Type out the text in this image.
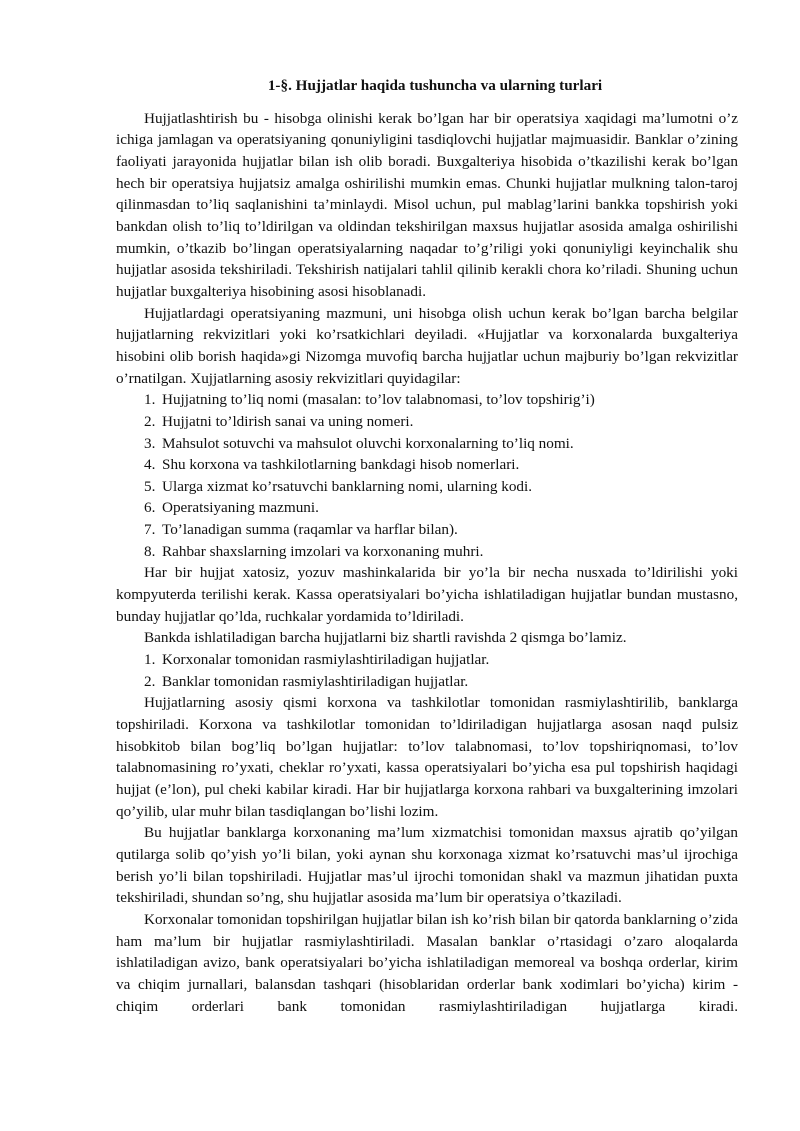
1-§. Hujjatlar haqida tushuncha va ularning turlari

Hujjatlashtirish bu - hisobga olinishi kerak bo’lgan har bir operatsiya xaqidagi ma’lumotni o’z ichiga jamlagan va operatsiyaning qonuniyligini tasdiqlovchi hujjatlar majmuasidir. Banklar o’zining faoliyati jarayonida hujjatlar bilan ish olib boradi. Buxgalteriya hisobida o’tkazilishi kerak bo’lgan hech bir operatsiya hujjatsiz amalga oshirilishi mumkin emas. Chunki hujjatlar mulkning talon-taroj qilinmasdan to’liq saqlanishini ta’minlaydi. Misol uchun, pul mablag’larini bankka topshirish yoki bankdan olish to’liq to’ldirilgan va oldindan tekshirilgan maxsus hujjatlar asosida amalga oshirilishi mumkin, o’tkazib bo’lingan operatsiyalarning naqadar to’g’riligi yoki qonuniyligi keyinchalik shu hujjatlar asosida tekshiriladi. Tekshirish natijalari tahlil qilinib kerakli chora ko’riladi. Shuning uchun hujjatlar buxgalteriya hisobining asosi hisoblanadi.

Hujjatlardagi operatsiyaning mazmuni, uni hisobga olish uchun kerak bo’lgan barcha belgilar hujjatlarning rekvizitlari yoki ko’rsatkichlari deyiladi. «Hujjatlar va korxonalarda buxgalteriya hisobini olib borish haqida»gi Nizomga muvofiq barcha hujjatlar uchun majburiy bo’lgan rekvizitlar o’rnatilgan. Xujjatlarning asosiy rekvizitlari quyidagilar:

1. Hujjatning to’liq nomi (masalan: to’lov talabnomasi, to’lov topshirig’i)
2. Hujjatni to’ldirish sanai va uning nomeri.
3. Mahsulot sotuvchi va mahsulot oluvchi korxonalarning to’liq nomi.
4. Shu korxona va tashkilotlarning bankdagi hisob nomerlari.
5. Ularga xizmat ko’rsatuvchi banklarning nomi, ularning kodi.
6. Operatsiyaning mazmuni.
7. To’lanadigan summa (raqamlar va harflar bilan).
8. Rahbar shaxslarning imzolari va korxonaning muhri.

Har bir hujjat xatosiz, yozuv mashinkalarida bir yo’la bir necha nusxada to’ldirilishi yoki kompyuterda terilishi kerak. Kassa operatsiyalari bo’yicha ishlatiladigan hujjatlar bundan mustasno, bunday hujjatlar qo’lda, ruchkalar yordamida to’ldiriladi.

Bankda ishlatiladigan barcha hujjatlarni biz shartli ravishda 2 qismga bo’lamiz.

1. Korxonalar tomonidan rasmiylashtiriladigan hujjatlar.
2. Banklar tomonidan rasmiylashtiriladigan hujjatlar.

Hujjatlarning asosiy qismi korxona va tashkilotlar tomonidan rasmiylashtirilib, banklarga topshiriladi. Korxona va tashkilotlar tomonidan to’ldiriladigan hujjatlarga asosan naqd pulsiz hisobkitob bilan bog’liq bo’lgan hujjatlar: to’lov talabnomasi, to’lov topshiriqnomasi, to’lov talabnomasining ro’yxati, cheklar ro’yxati, kassa operatsiyalari bo’yicha esa pul topshirish haqidagi hujjat (e’lon), pul cheki kabilar kiradi. Har bir hujjatlarga korxona rahbari va buxgalterining imzolari qo’yilib, ular muhr bilan tasdiqlangan bo’lishi lozim.

Bu hujjatlar banklarga korxonaning ma’lum xizmatchisi tomonidan maxsus ajratib qo’yilgan qutilarga solib qo’yish yo’li bilan, yoki aynan shu korxonaga xizmat ko’rsatuvchi mas’ul ijrochiga berish yo’li bilan topshiriladi. Hujjatlar mas’ul ijrochi tomonidan shakl va mazmun jihatidan puxta tekshiriladi, shundan so’ng, shu hujjatlar asosida ma’lum bir operatsiya o’tkaziladi.

Korxonalar tomonidan topshirilgan hujjatlar bilan ish ko’rish bilan bir qatorda banklarning o’zida ham ma’lum bir hujjatlar rasmiylashtiriladi. Masalan banklar o’rtasidagi o’zaro aloqalarda ishlatiladigan avizo, bank operatsiyalari bo’yicha ishlatiladigan memoreal va boshqa orderlar, kirim va chiqim jurnallari, balansdan tashqari (hisoblaridan orderlar bank xodimlari bo’yicha) kirim - chiqim orderlari bank tomonidan rasmiylashtiriladigan hujjatlarga kiradi.
